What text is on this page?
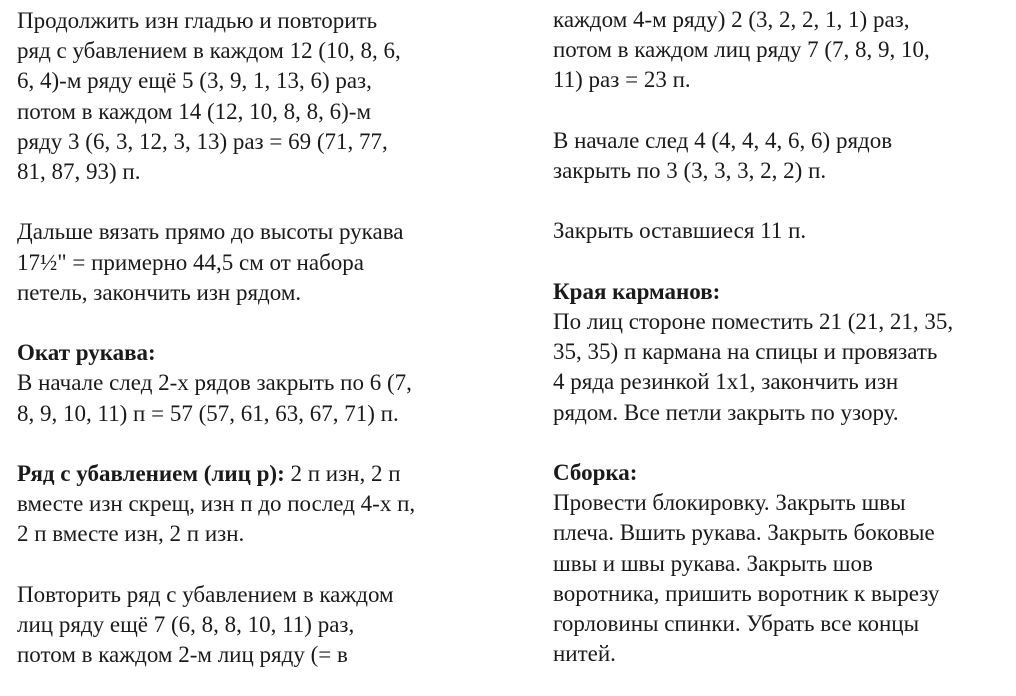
Продолжить изн гладью и повторить
ряд с убавлением в каждом 12 (10, 8, 6,
6, 4)-м ряду ещё 5 (3, 9, 1, 13, 6) раз,
потом в каждом 14 (12, 10, 8, 8, 6)-м
ряду 3 (6, 3, 12, 3, 13) раз = 69 (71, 77,
81, 87, 93) п.
Дальше вязать прямо до высоты рукава
17½" = примерно 44,5 см от набора
петель, закончить изн рядом.
Окат рукава:
В начале след 2-х рядов закрыть по 6 (7,
8, 9, 10, 11) п = 57 (57, 61, 63, 67, 71) п.
Ряд с убавлением (лиц р): 2 п изн, 2 п
вместе изн скрещ, изн п до послед 4-х п,
2 п вместе изн, 2 п изн.
Повторить ряд с убавлением в каждом
лиц ряду ещё 7 (6, 8, 8, 10, 11) раз,
потом в каждом 2-м лиц ряду (= в
каждом 4-м ряду) 2 (3, 2, 2, 1, 1) раз,
потом в каждом лиц ряду 7 (7, 8, 9, 10,
11) раз = 23 п.
В начале след 4 (4, 4, 4, 6, 6) рядов
закрыть по 3 (3, 3, 3, 2, 2) п.
Закрыть оставшиеся 11 п.
Края карманов:
По лиц стороне поместить 21 (21, 21, 35,
35, 35) п кармана на спицы и провязать
4 ряда резинкой 1х1, закончить изн
рядом. Все петли закрыть по узору.
Сборка:
Провести блокировку. Закрыть швы
плеча. Вшить рукава. Закрыть боковые
швы и швы рукава. Закрыть шов
воротника, пришить воротник к вырезу
горловины спинки. Убрать все концы
нитей.
